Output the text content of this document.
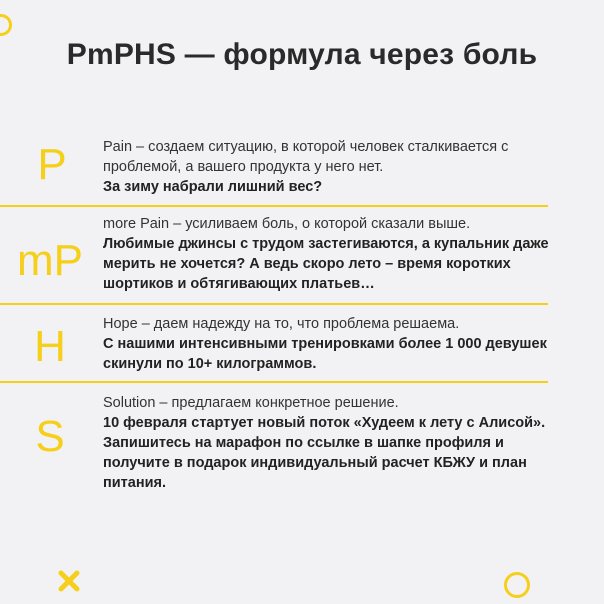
PmPHS — формула через боль
P	Pain – создаем ситуацию, в которой человек сталкивается с проблемой, а вашего продукта у него нет.
За зиму набрали лишний вес?
mP
more Pain – усиливаем боль, о которой сказали выше.
Любимые джинсы с трудом застегиваются, а купальник даже мерить не хочется? А ведь скоро лето – время коротких шортиков и обтягивающих платьев…
H	Hope – даем надежду на то, что проблема решаема.
С нашими интенсивными тренировками более 1 000 девушек скинули по 10+ килограммов.
S
Solution – предлагаем конкретное решение.
10 февраля стартует новый поток «Худеем к лету с Алисой». Запишитесь на марафон по ссылке в шапке профиля и получите в подарок индивидуальный расчет КБЖУ и план питания.
